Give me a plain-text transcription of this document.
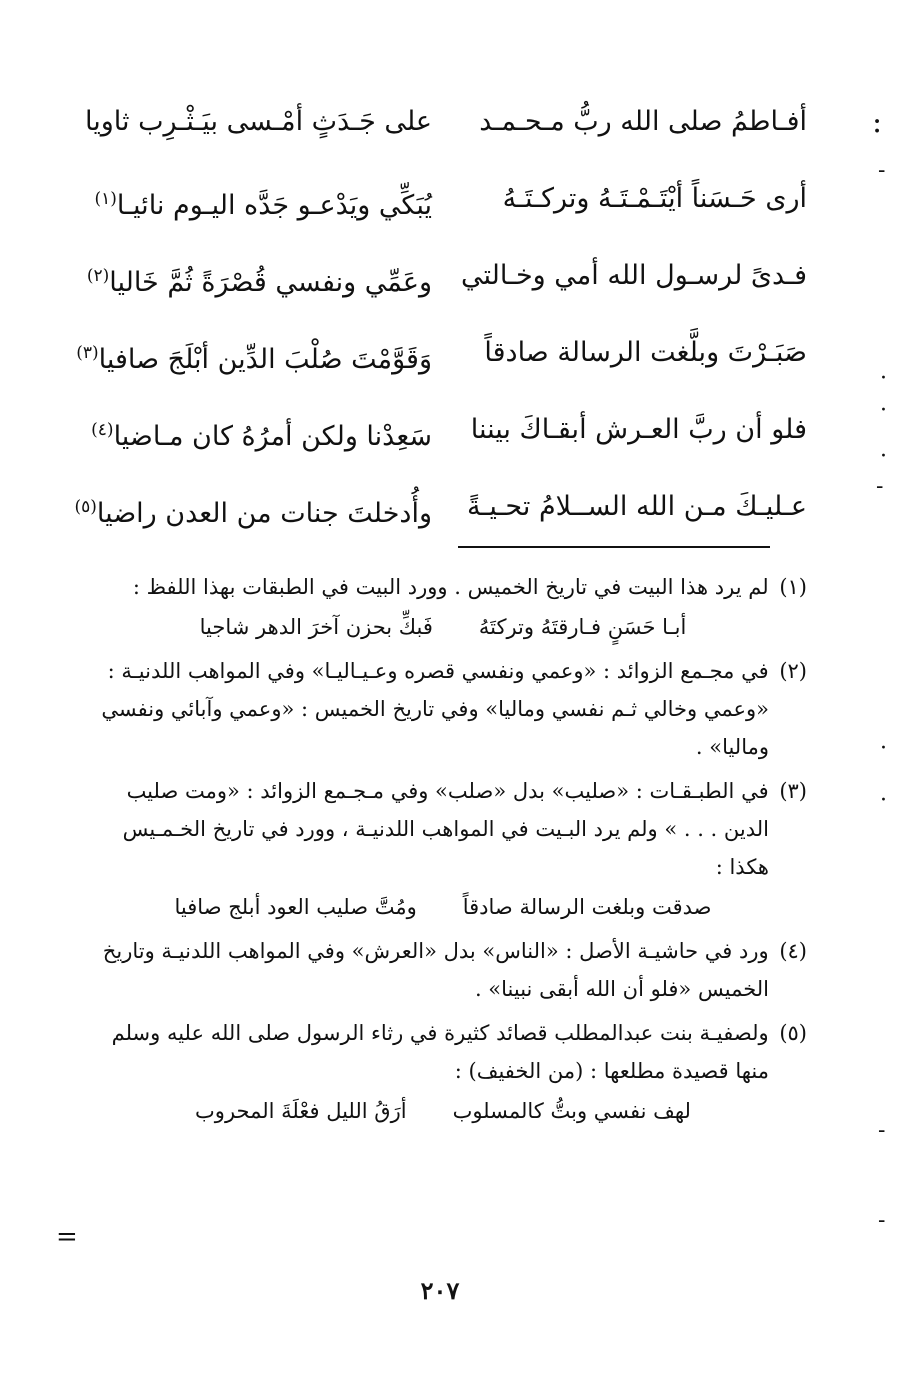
أفـاطمُ صلى الله ربُّ مـحـمـد
على جَـدَثٍ أمْـسى بيَـثْـرِب ثاويا
أرى حَـسَناً أيْتَـمْـتَـهُ وتركـتَـهُ
يُبَكِّي ويَدْعـو جَدَّه اليـوم نائيـا$^{(١)}$
فـدىً لرسـول الله أمي وخـالتي
وعَمِّي ونفسي قُصْرَةً ثُمَّ خَاليا$^{(٢)}$
صَبَـرْتَ وبلَّغت الرسالة صادقاً
وَقَوَّمْتَ صُلْبَ الدِّين أبْلَجَ صافيا$^{(٣)}$
فلو أن ربَّ العـرش أبقـاكَ بيننا
سَعِدْنا ولكن أمرُهُ كان مـاضيا$^{(٤)}$
عـليـكَ مـن الله الســلامُ تحـيـةً
وأُدخلتَ جنات من العدن راضيا$^{(٥)}$
(١) لم يرد هذا البيت في تاريخ الخميس . وورد البيت في الطبقات بهذا اللفظ :
أبـا حَسَنٍ فـارقتَهُ وتركتَهُ
فَبكِّ بحزن آخرَ الدهر شاجيا
(٢) في مجـمع الزوائد : «وعمي ونفسي قصره وعـيـاليـا» وفي المواهب اللدنيـة :
«وعمي وخالي ثـم نفسي وماليا» وفي تاريخ الخميس : «وعمي وآبائي ونفسي
وماليا» .
(٣) في الطبـقـات : «صليب» بدل «صلب» وفي مـجـمع الزوائد : «ومت صليب
الدين . . . » ولم يرد البـيت في المواهب اللدنيـة ، وورد في تاريخ الخـمـيس
هكذا :
صدقت وبلغت الرسالة صادقاً
ومُتَّ صليب العود أبلج صافيا
(٤) ورد في حاشيـة الأصل : «الناس» بدل «العرش» وفي المواهب اللدنيـة وتاريخ
الخميس «فلو أن الله أبقى نبينا» .
(٥) ولصفيـة بنت عبدالمطلب قصائد كثيرة في رثاء الرسول صلى الله عليه وسلم
منها قصيدة مطلعها : (من الخفيف) :
لهف نفسي وبتُّ كالمسلوب
أرَقُ الليل فعْلَةَ المحروب
:
-
·
·
·
-
·
·
-
-
=
٢٠٧
